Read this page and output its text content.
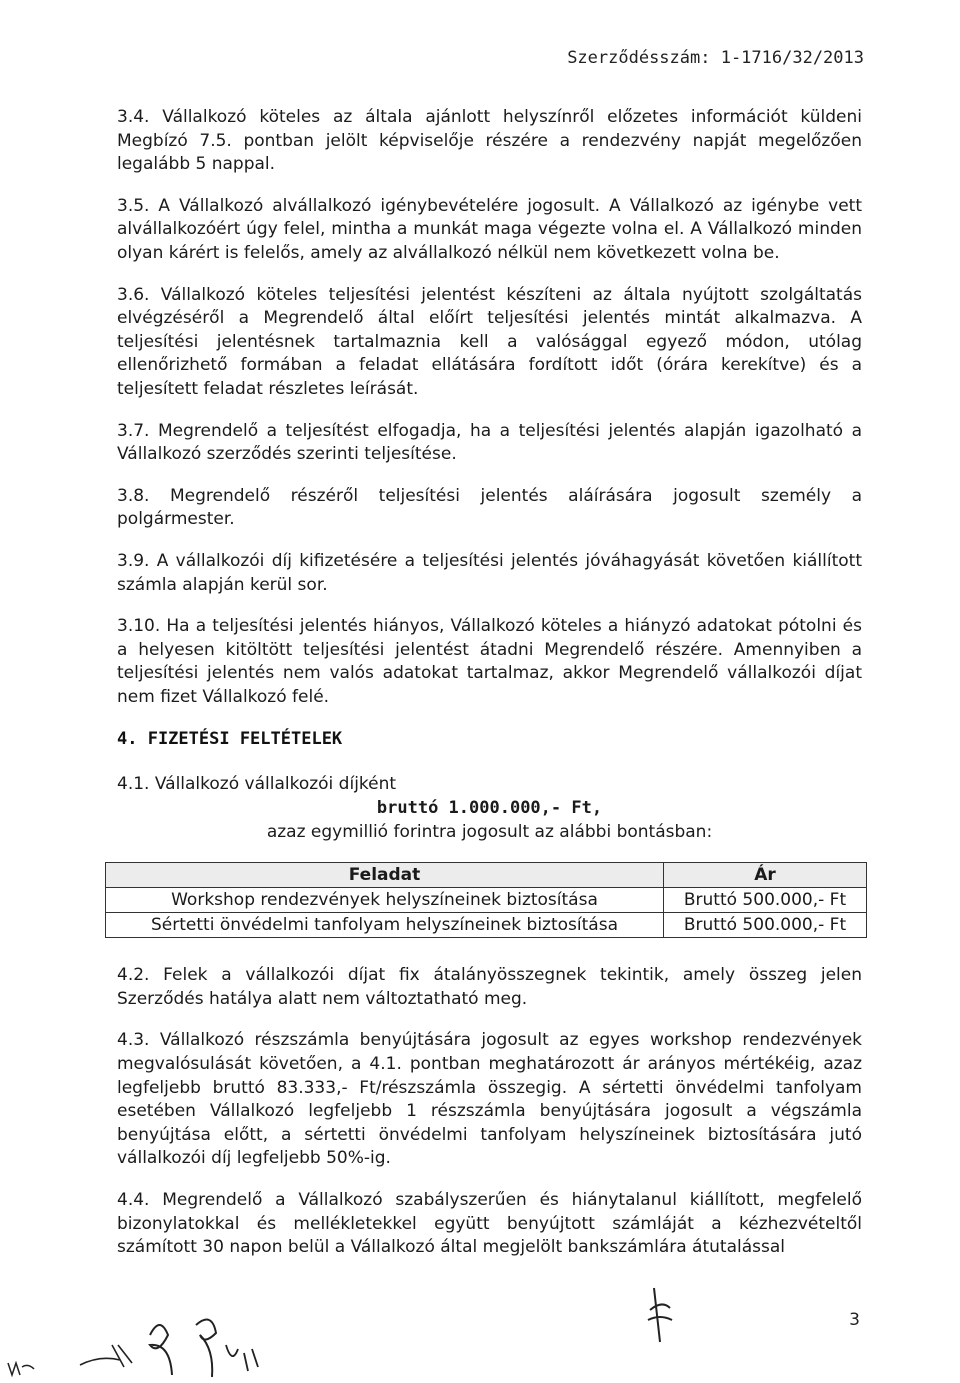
Szerződésszám: 1-1716/32/2013

3.4. Vállalkozó köteles az általa ajánlott helyszínről előzetes információt küldeni Megbízó 7.5. pontban jelölt képviselője részére a rendezvény napját megelőzően legalább 5 nappal.

3.5. A Vállalkozó alvállalkozó igénybevételére jogosult. A Vállalkozó az igénybe vett alvállalkozóért úgy felel, mintha a munkát maga végezte volna el. A Vállalkozó minden olyan kárért is felelős, amely az alvállalkozó nélkül nem következett volna be.

3.6. Vállalkozó köteles teljesítési jelentést készíteni az általa nyújtott szolgáltatás elvégzéséről a Megrendelő által előírt teljesítési jelentés mintát alkalmazva. A teljesítési jelentésnek tartalmaznia kell a valósággal egyező módon, utólag ellenőrizhető formában a feladat ellátására fordított időt (órára kerekítve) és a teljesített feladat részletes leírását.

3.7. Megrendelő a teljesítést elfogadja, ha a teljesítési jelentés alapján igazolható a Vállalkozó szerződés szerinti teljesítése.

3.8. Megrendelő részéről teljesítési jelentés aláírására jogosult személy a polgármester.

3.9. A vállalkozói díj kifizetésére a teljesítési jelentés jóváhagyását követően kiállított számla alapján kerül sor.

3.10. Ha a teljesítési jelentés hiányos, Vállalkozó köteles a hiányzó adatokat pótolni és a helyesen kitöltött teljesítési jelentést átadni Megrendelő részére. Amennyiben a teljesítési jelentés nem valós adatokat tartalmaz, akkor Megrendelő vállalkozói díjat nem fizet Vállalkozó felé.

4. FIZETÉSI FELTÉTELEK

4.1. Vállalkozó vállalkozói díjként

bruttó 1.000.000,- Ft,

azaz egymillió forintra jogosult az alábbi bontásban:

Feladat	Ár
Workshop rendezvények helyszíneinek biztosítása	Bruttó 500.000,- Ft
Sértetti önvédelmi tanfolyam helyszíneinek biztosítása	Bruttó 500.000,- Ft

4.2. Felek a vállalkozói díjat fix átalányösszegnek tekintik, amely összeg jelen Szerződés hatálya alatt nem változtatható meg.

4.3. Vállalkozó részszámla benyújtására jogosult az egyes workshop rendezvények megvalósulását követően, a 4.1. pontban meghatározott ár arányos mértékéig, azaz legfeljebb bruttó 83.333,- Ft/részszámla összegig. A sértetti önvédelmi tanfolyam esetében Vállalkozó legfeljebb 1 részszámla benyújtására jogosult a végszámla benyújtása előtt, a sértetti önvédelmi tanfolyam helyszíneinek biztosítására jutó vállalkozói díj legfeljebb 50%-ig.

4.4. Megrendelő a Vállalkozó szabályszerűen és hiánytalanul kiállított, megfelelő bizonylatokkal és mellékletekkel együtt benyújtott számláját a kézhezvételtől számított 30 napon belül a Vállalkozó által megjelölt bankszámlára átutalással

3
